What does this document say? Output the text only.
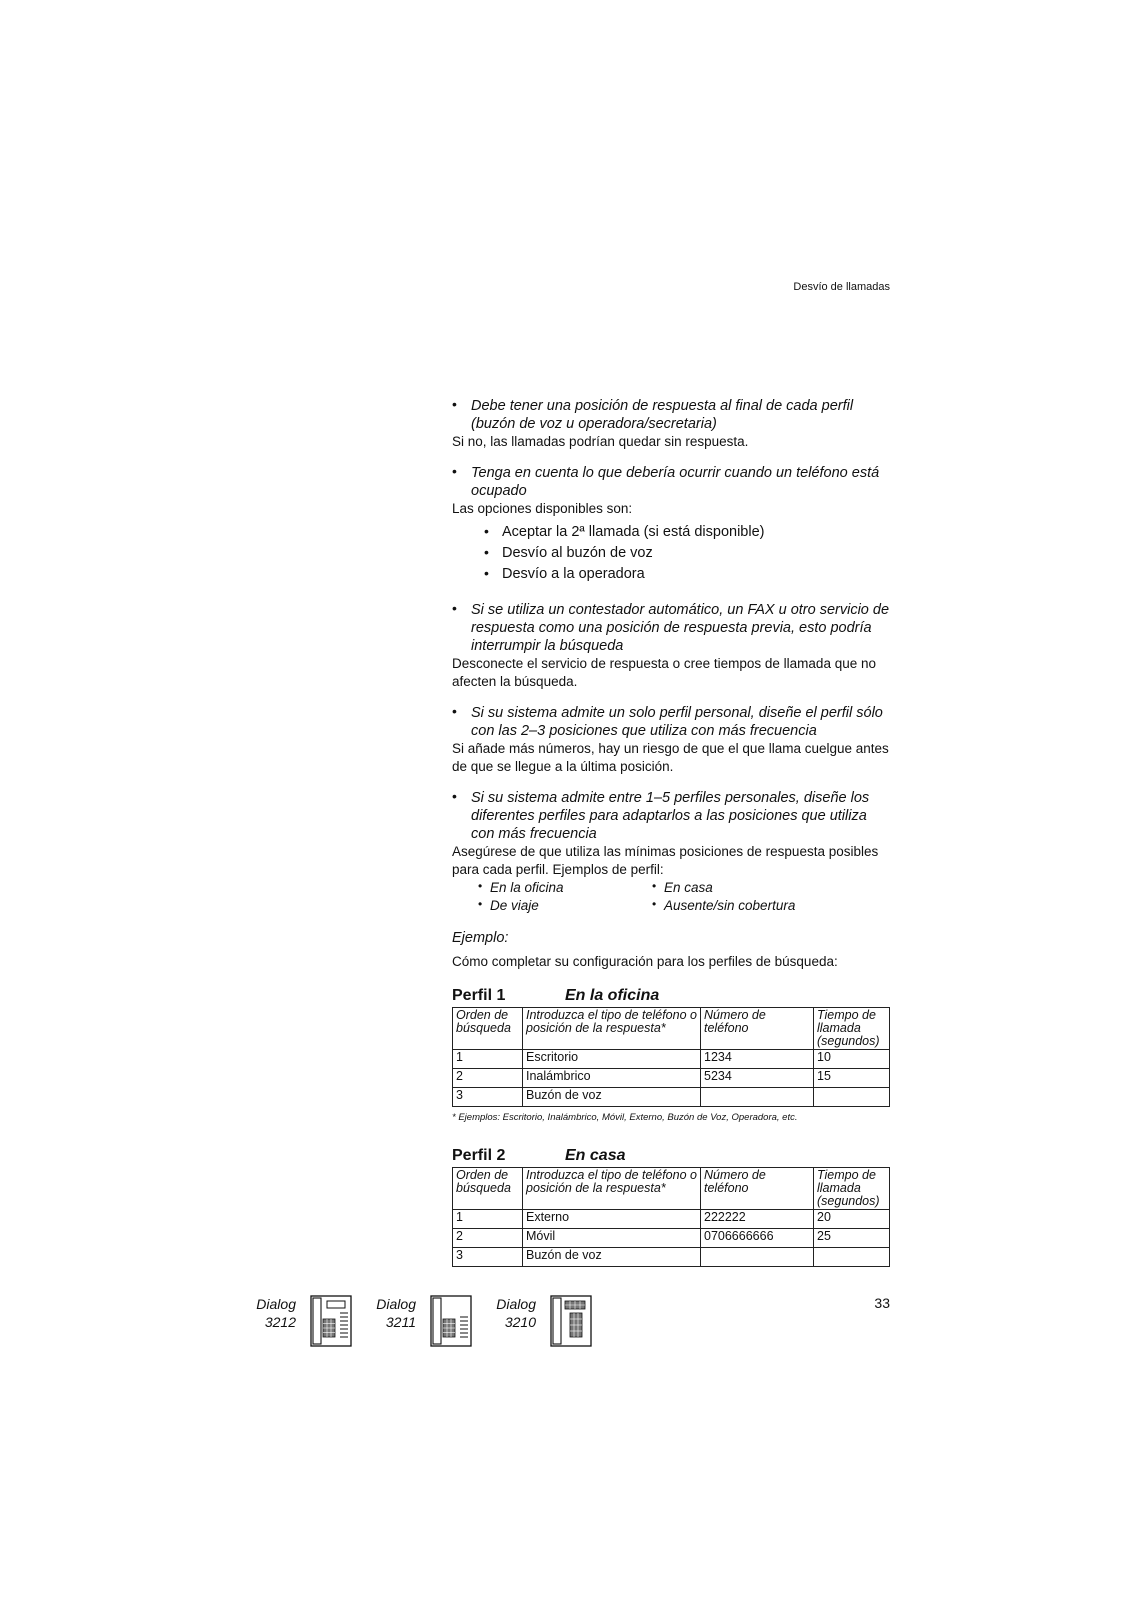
Desvío de llamadas
• Debe tener una posición de respuesta al final de cada perfil (buzón de voz u operadora/secretaria)
Si no, las llamadas podrían quedar sin respuesta.
• Tenga en cuenta lo que debería ocurrir cuando un teléfono está ocupado
Las opciones disponibles son:
• Aceptar la 2ª llamada (si está disponible)
• Desvío al buzón de voz
• Desvío a la operadora
• Si se utiliza un contestador automático, un FAX u otro servicio de respuesta como una posición de respuesta previa, esto podría interrumpir la búsqueda
Desconecte el servicio de respuesta o cree tiempos de llamada que no afecten la búsqueda.
• Si su sistema admite un solo perfil personal, diseñe el perfil sólo con las 2–3 posiciones que utiliza con más frecuencia
Si añade más números, hay un riesgo de que el que llama cuelgue antes de que se llegue a la última posición.
• Si su sistema admite entre 1–5 perfiles personales, diseñe los diferentes perfiles para adaptarlos a las posiciones que utiliza con más frecuencia
Asegúrese de que utiliza las mínimas posiciones de respuesta posibles para cada perfil. Ejemplos de perfil:
• En la oficina	• En casa
• De viaje	• Ausente/sin cobertura
Ejemplo:
Cómo completar su configuración para los perfiles de búsqueda:
Perfil 1	En la oficina
Orden de búsqueda	Introduzca el tipo de teléfono o posición de la respuesta*	Número de teléfono	Tiempo de llamada (segundos)
1	Escritorio	1234	10
2	Inalámbrico	5234	15
3	Buzón de voz		
* Ejemplos: Escritorio, Inalámbrico, Móvil, Externo, Buzón de Voz, Operadora, etc.
Perfil 2	En casa
Orden de búsqueda	Introduzca el tipo de teléfono o posición de la respuesta*	Número de teléfono	Tiempo de llamada (segundos)
1	Externo	222222	20
2	Móvil	0706666666	25
3	Buzón de voz		
Dialog
3212
Dialog
3211
Dialog
3210
33
